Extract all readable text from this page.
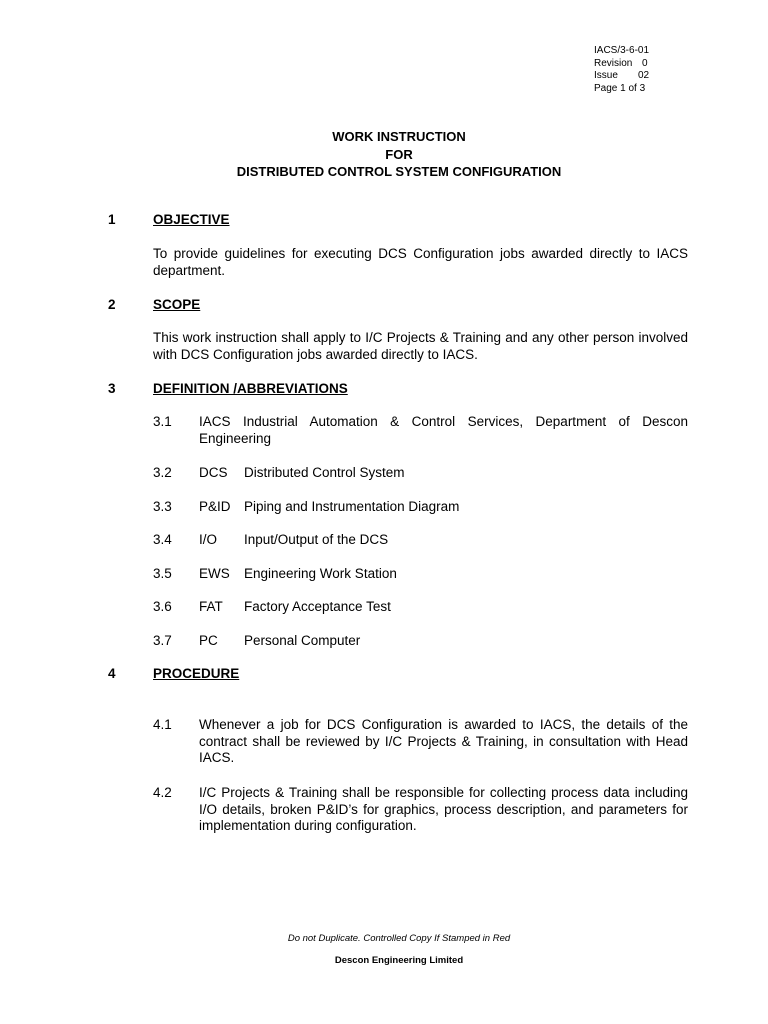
IACS/3-6-01
Revision 0
Issue 02
Page 1 of 3
WORK INSTRUCTION
FOR
DISTRIBUTED CONTROL SYSTEM CONFIGURATION
1	OBJECTIVE
To provide guidelines for executing DCS Configuration jobs awarded directly to IACS department.
2	SCOPE
This work instruction shall apply to I/C Projects & Training and any other person involved with DCS Configuration jobs awarded directly to IACS.
3	DEFINITION /ABBREVIATIONS
3.1 IACS Industrial Automation & Control Services, Department of Descon Engineering
3.2 DCS Distributed Control System
3.3 P&ID Piping and Instrumentation Diagram
3.4 I/O Input/Output of the DCS
3.5 EWS Engineering Work Station
3.6 FAT Factory Acceptance Test
3.7 PC Personal Computer
4	PROCEDURE
4.1 Whenever a job for DCS Configuration is awarded to IACS, the details of the contract shall be reviewed by I/C Projects & Training, in consultation with Head IACS.
4.2 I/C Projects & Training shall be responsible for collecting process data including I/O details, broken P&ID’s for graphics, process description, and parameters for implementation during configuration.
Do not Duplicate. Controlled Copy If Stamped in Red
Descon Engineering Limited
